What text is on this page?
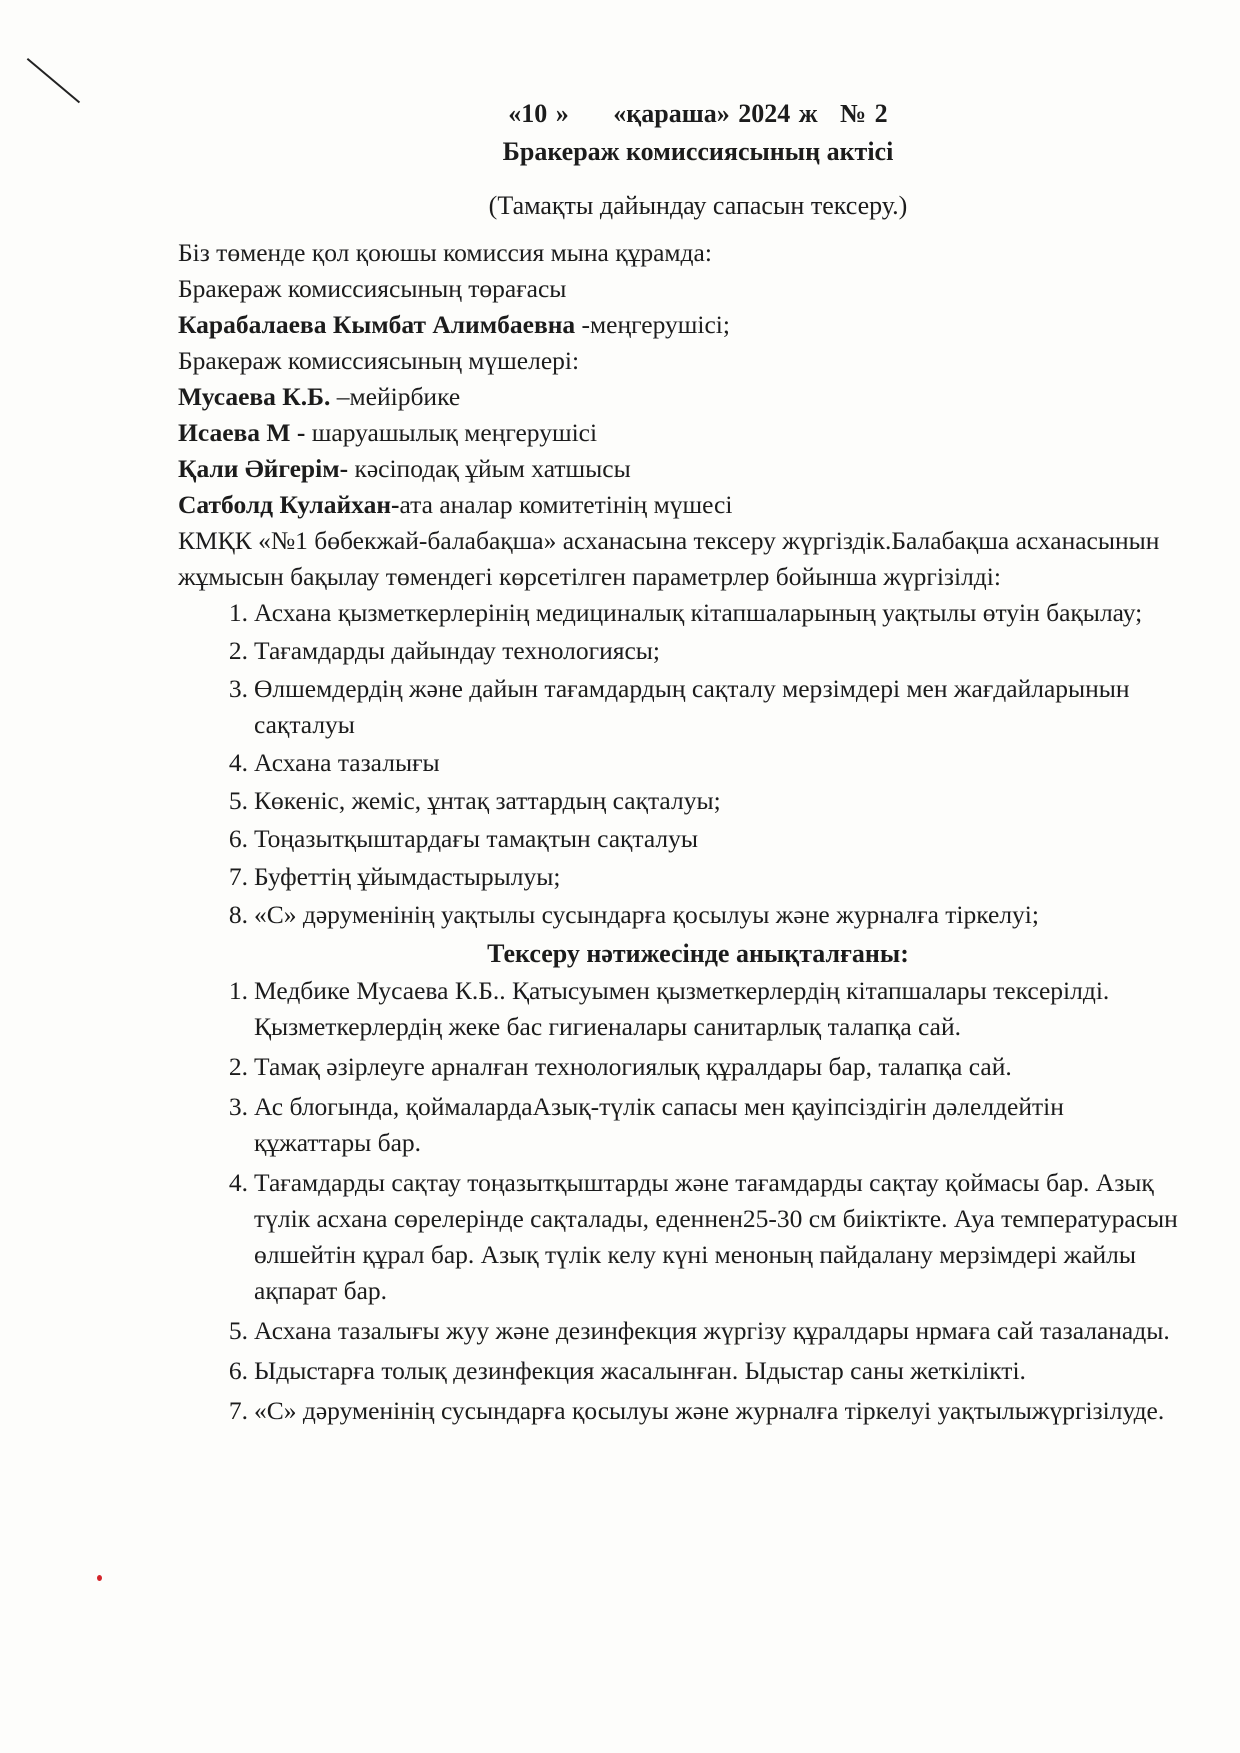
«10 » «қараша» 2024 ж № 2
Бракераж комиссиясының актісі
(Тамақты дайындау сапасын тексеру.)

Біз төменде қол қоюшы комиссия мына құрамда:

Бракераж комиссиясының төрағасы

Карабалаева Кымбат Алимбаевна -меңгерушісі;

Бракераж комиссиясының мүшелері:

Мусаева К.Б. –мейірбике

Исаева М - шаруашылық меңгерушісі

Қали Әйгерім- кәсіподақ ұйым хатшысы

Сатболд Кулайхан-ата аналар комитетінің мүшесі

КМҚК «№1 бөбекжай-балабақша» асханасына тексеру жүргіздік.Балабақша асханасынын жұмысын бақылау төмендегі көрсетілген параметрлер бойынша жүргізілді:

1. Асхана қызметкерлерінің медициналық кітапшаларының уақтылы өтуін бақылау;
2. Тағамдарды дайындау технологиясы;
3. Өлшемдердің және дайын тағамдардың сақталу мерзімдері мен жағдайларынын сақталуы
4. Асхана тазалығы
5. Көкеніс, жеміс, ұнтақ заттардың сақталуы;
6. Тоңазытқыштардағы тамақтын сақталуы
7. Буфеттің ұйымдастырылуы;
8. «С» дәруменінің уақтылы сусындарға қосылуы және журналға тіркелуі;
Тексеру нәтижесінде анықталғаны:
1. Медбике Мусаева К.Б.. Қатысуымен қызметкерлердің кітапшалары тексерілді. Қызметкерлердің жеке бас гигиеналары санитарлық талапқа сай.
2. Тамақ әзірлеуге арналған технологиялық құралдары бар, талапқа сай.
3. Ас блогында, қоймалардаАзық-түлік сапасы мен қауіпсіздігін дәлелдейтін құжаттары бар.
4. Тағамдарды сақтау тоңазытқыштарды және тағамдарды сақтау қоймасы бар. Азық түлік асхана сөрелерінде сақталады, еденнен25-30 см биіктікте. Ауа температурасын өлшейтін құрал бар. Азық түлік келу күні меноның пайдалану мерзімдері жайлы ақпарат бар.
5. Асхана тазалығы жуу және дезинфекция жүргізу құралдары нрмаға сай тазаланады.
6. Ыдыстарға толық дезинфекция жасалынған. Ыдыстар саны жеткілікті.
7. «С» дәруменінің сусындарға қосылуы және журналға тіркелуі уақтылыжүргізілуде.
